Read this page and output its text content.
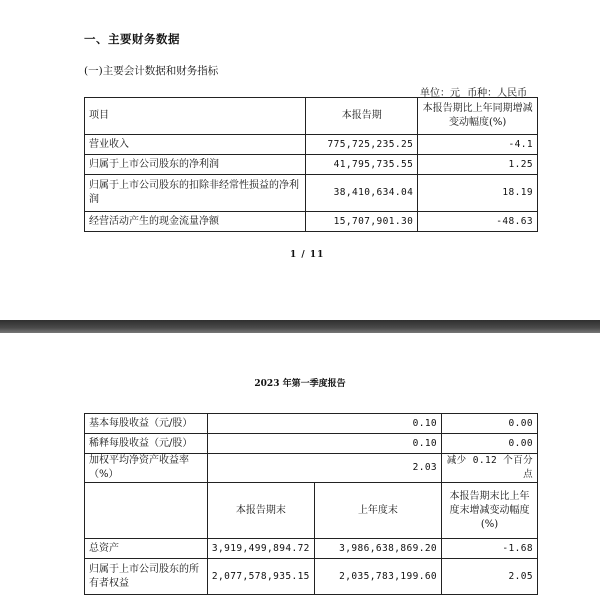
一、主要财务数据
(一)主要会计数据和财务指标
单位：元 币种：人民币
项目	本报告期	本报告期比上年同期增减变动幅度(%)
营业收入	775,725,235.25	-4.1
归属于上市公司股东的净利润	41,795,735.55	1.25
归属于上市公司股东的扣除非经常性损益的净利润	38,410,634.04	18.19
经营活动产生的现金流量净额	15,707,901.30	-48.63
1 / 11
2023 年第一季度报告
基本每股收益（元/股）	0.10		0.00
稀释每股收益（元/股）	0.10		0.00
加权平均净资产收益率（%）	2.03		减少 0.12 个百分点
	本报告期末	上年度末	本报告期末比上年度末增减变动幅度(%)
总资产	3,919,499,894.72	3,986,638,869.20	-1.68
归属于上市公司股东的所有者权益	2,077,578,935.15	2,035,783,199.60	2.05
